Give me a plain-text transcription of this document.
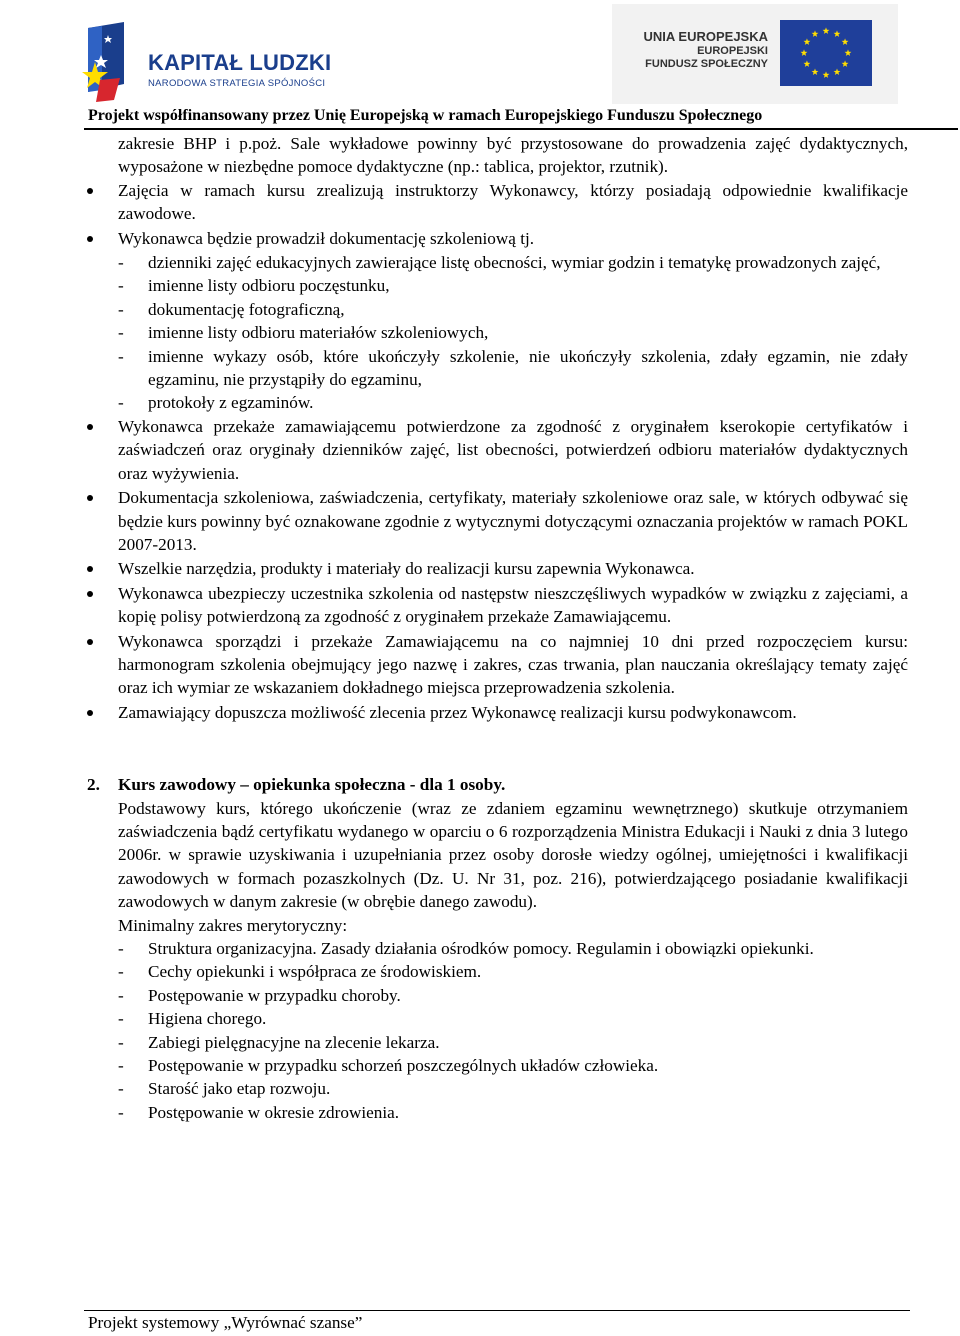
KAPITAŁ LUDZKI
NARODOWA STRATEGIA SPÓJNOŚCI
UNIA EUROPEJSKA
EUROPEJSKI
FUNDUSZ SPOŁECZNY
Projekt współfinansowany przez Unię Europejską w ramach Europejskiego Funduszu Społecznego

zakresie BHP i p.poż. Sale wykładowe powinny być przystosowane do prowadzenia zajęć dydaktycznych, wyposażone w niezbędne pomoce dydaktyczne (np.: tablica, projektor, rzutnik).

Zajęcia w ramach kursu zrealizują instruktorzy Wykonawcy, którzy posiadają odpowiednie kwalifikacje zawodowe.

Wykonawca będzie prowadził dokumentację szkoleniową tj.

- dzienniki zajęć edukacyjnych zawierające listę obecności, wymiar godzin i tematykę prowadzonych zajęć,

- imienne listy odbioru poczęstunku,

- dokumentację fotograficzną,

- imienne listy odbioru materiałów szkoleniowych,

- imienne wykazy osób, które ukończyły szkolenie, nie ukończyły szkolenia, zdały egzamin, nie zdały egzaminu, nie przystąpiły do egzaminu,

- protokoły z egzaminów.

Wykonawca przekaże zamawiającemu potwierdzone za zgodność z oryginałem kserokopie certyfikatów i zaświadczeń oraz oryginały dzienników zajęć, list obecności, potwierdzeń odbioru materiałów dydaktycznych oraz wyżywienia.

Dokumentacja szkoleniowa, zaświadczenia, certyfikaty, materiały szkoleniowe oraz sale, w których odbywać się będzie kurs powinny być oznakowane zgodnie z wytycznymi dotyczącymi oznaczania projektów w ramach POKL 2007-2013.

Wszelkie narzędzia, produkty i materiały do realizacji kursu zapewnia Wykonawca.

Wykonawca ubezpieczy uczestnika szkolenia od następstw nieszczęśliwych wypadków w związku z zajęciami, a kopię polisy potwierdzoną za zgodność z oryginałem przekaże Zamawiającemu.

Wykonawca sporządzi i przekaże Zamawiającemu na co najmniej 10 dni przed rozpoczęciem kursu: harmonogram szkolenia obejmujący jego nazwę i zakres, czas trwania, plan nauczania określający tematy zajęć oraz ich wymiar ze wskazaniem dokładnego miejsca przeprowadzenia szkolenia.

Zamawiający dopuszcza możliwość zlecenia przez Wykonawcę realizacji kursu podwykonawcom.

2. Kurs zawodowy – opiekunka społeczna - dla 1 osoby.

Podstawowy kurs, którego ukończenie (wraz ze zdaniem egzaminu wewnętrznego) skutkuje otrzymaniem zaświadczenia bądź certyfikatu wydanego w oparciu o 6 rozporządzenia Ministra Edukacji i Nauki z dnia 3 lutego 2006r. w sprawie uzyskiwania i uzupełniania przez osoby dorosłe wiedzy ogólnej, umiejętności i kwalifikacji zawodowych w formach pozaszkolnych (Dz. U. Nr 31, poz. 216), potwierdzającego posiadanie kwalifikacji zawodowych w danym zakresie (w obrębie danego zawodu).

Minimalny zakres merytoryczny:

- Struktura organizacyjna. Zasady działania ośrodków pomocy. Regulamin i obowiązki opiekunki.

- Cechy opiekunki i współpraca ze środowiskiem.

- Postępowanie w przypadku choroby.

- Higiena chorego.

- Zabiegi pielęgnacyjne na zlecenie lekarza.

- Postępowanie w przypadku schorzeń poszczególnych układów człowieka.

- Starość jako etap rozwoju.

- Postępowanie w okresie zdrowienia.

Projekt systemowy „Wyrównać szanse”
